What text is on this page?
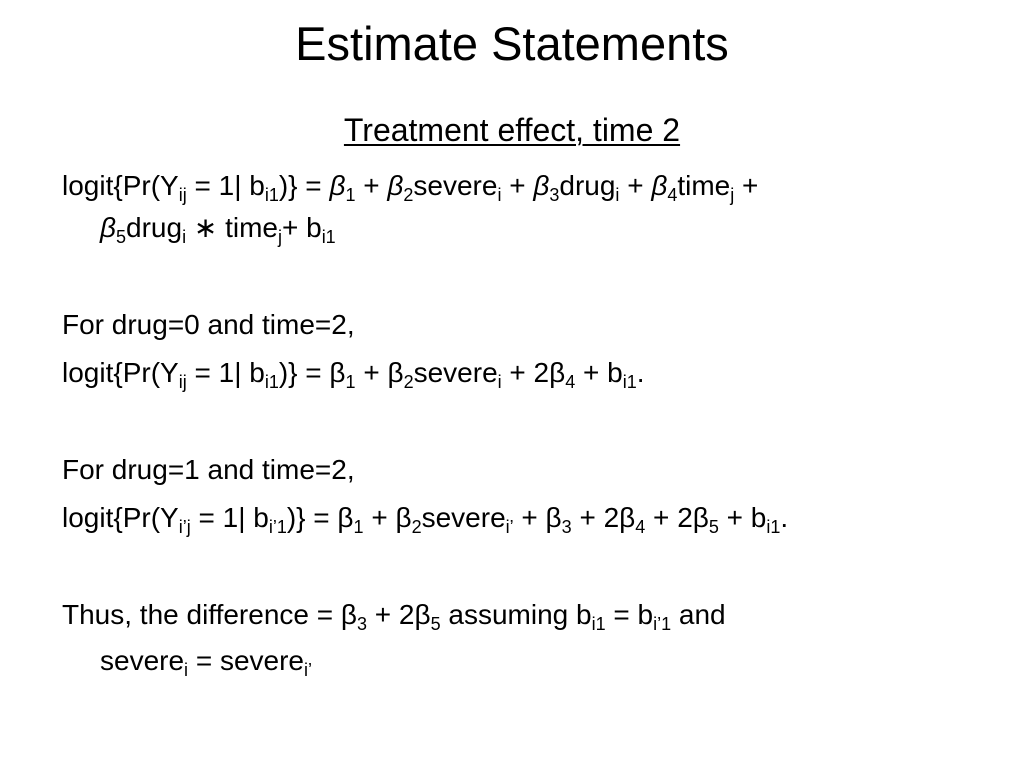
Estimate Statements
Treatment effect, time 2
$logit\{Pr(Y_{ij} = 1|$ $b_{i1})\} = \beta_1$ + $\beta_2severe_i$ + $\beta_3drug_i$ + $\beta_4time_j$ +
$\beta_5drug_i$ ∗ time$_j$+ $b_{i1}$
For drug=0 and time=2,
$logit\{Pr(Y_{ij} = 1|$ $b_{i1})\} = \beta_1$ + $\beta_2severe_i + 2\beta_4 + b_{i1}$.
For drug=1 and time=2,
$logit\{Pr(Y_{i’j} = 1|$ $b_{i’1})\} = \beta_1$ + $\beta_2severe_{i’} + \beta_3 + 2\beta_4 + 2\beta_5 + b_{i1}$.
Thus, the difference = $\beta_3 + 2\beta_5$ assuming $b_{i1} = b_{i’1}$ and
severe$_i$ = severe$_{i’}$
